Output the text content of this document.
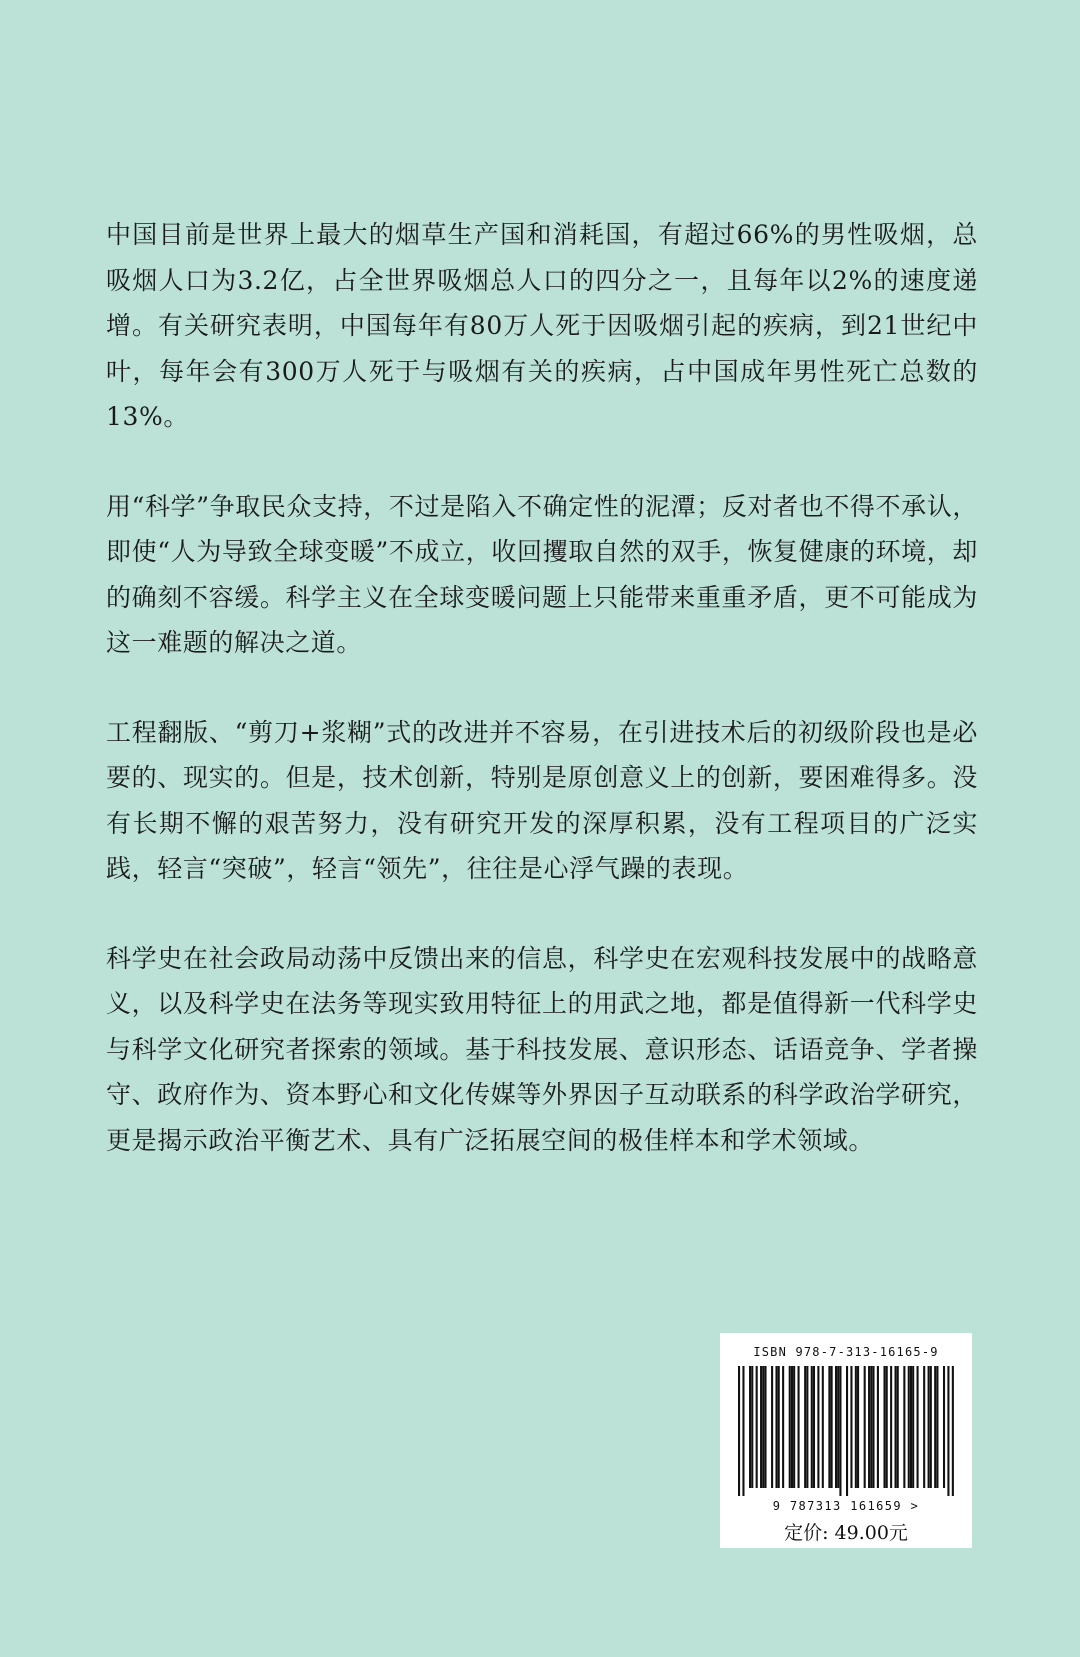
中国目前是世界上最大的烟草生产国和消耗国，有超过66%的男性吸烟，总吸烟人口为3.2亿，占全世界吸烟总人口的四分之一，且每年以2%的速度递增。有关研究表明，中国每年有80万人死于因吸烟引起的疾病，到21世纪中叶，每年会有300万人死于与吸烟有关的疾病，占中国成年男性死亡总数的13%。

用“科学”争取民众支持，不过是陷入不确定性的泥潭；反对者也不得不承认，即使“人为导致全球变暖”不成立，收回攫取自然的双手，恢复健康的环境，却的确刻不容缓。科学主义在全球变暖问题上只能带来重重矛盾，更不可能成为这一难题的解决之道。

工程翻版、“剪刀+浆糊”式的改进并不容易，在引进技术后的初级阶段也是必要的、现实的。但是，技术创新，特别是原创意义上的创新，要困难得多。没有长期不懈的艰苦努力，没有研究开发的深厚积累，没有工程项目的广泛实践，轻言“突破”，轻言“领先”，往往是心浮气躁的表现。

科学史在社会政局动荡中反馈出来的信息，科学史在宏观科技发展中的战略意义，以及科学史在法务等现实致用特征上的用武之地，都是值得新一代科学史与科学文化研究者探索的领域。基于科技发展、意识形态、话语竞争、学者操守、政府作为、资本野心和文化传媒等外界因子互动联系的科学政治学研究，更是揭示政治平衡艺术、具有广泛拓展空间的极佳样本和学术领域。

ISBN 978-7-313-16165-9
9 787313 161659 >
定价: 49.00元
